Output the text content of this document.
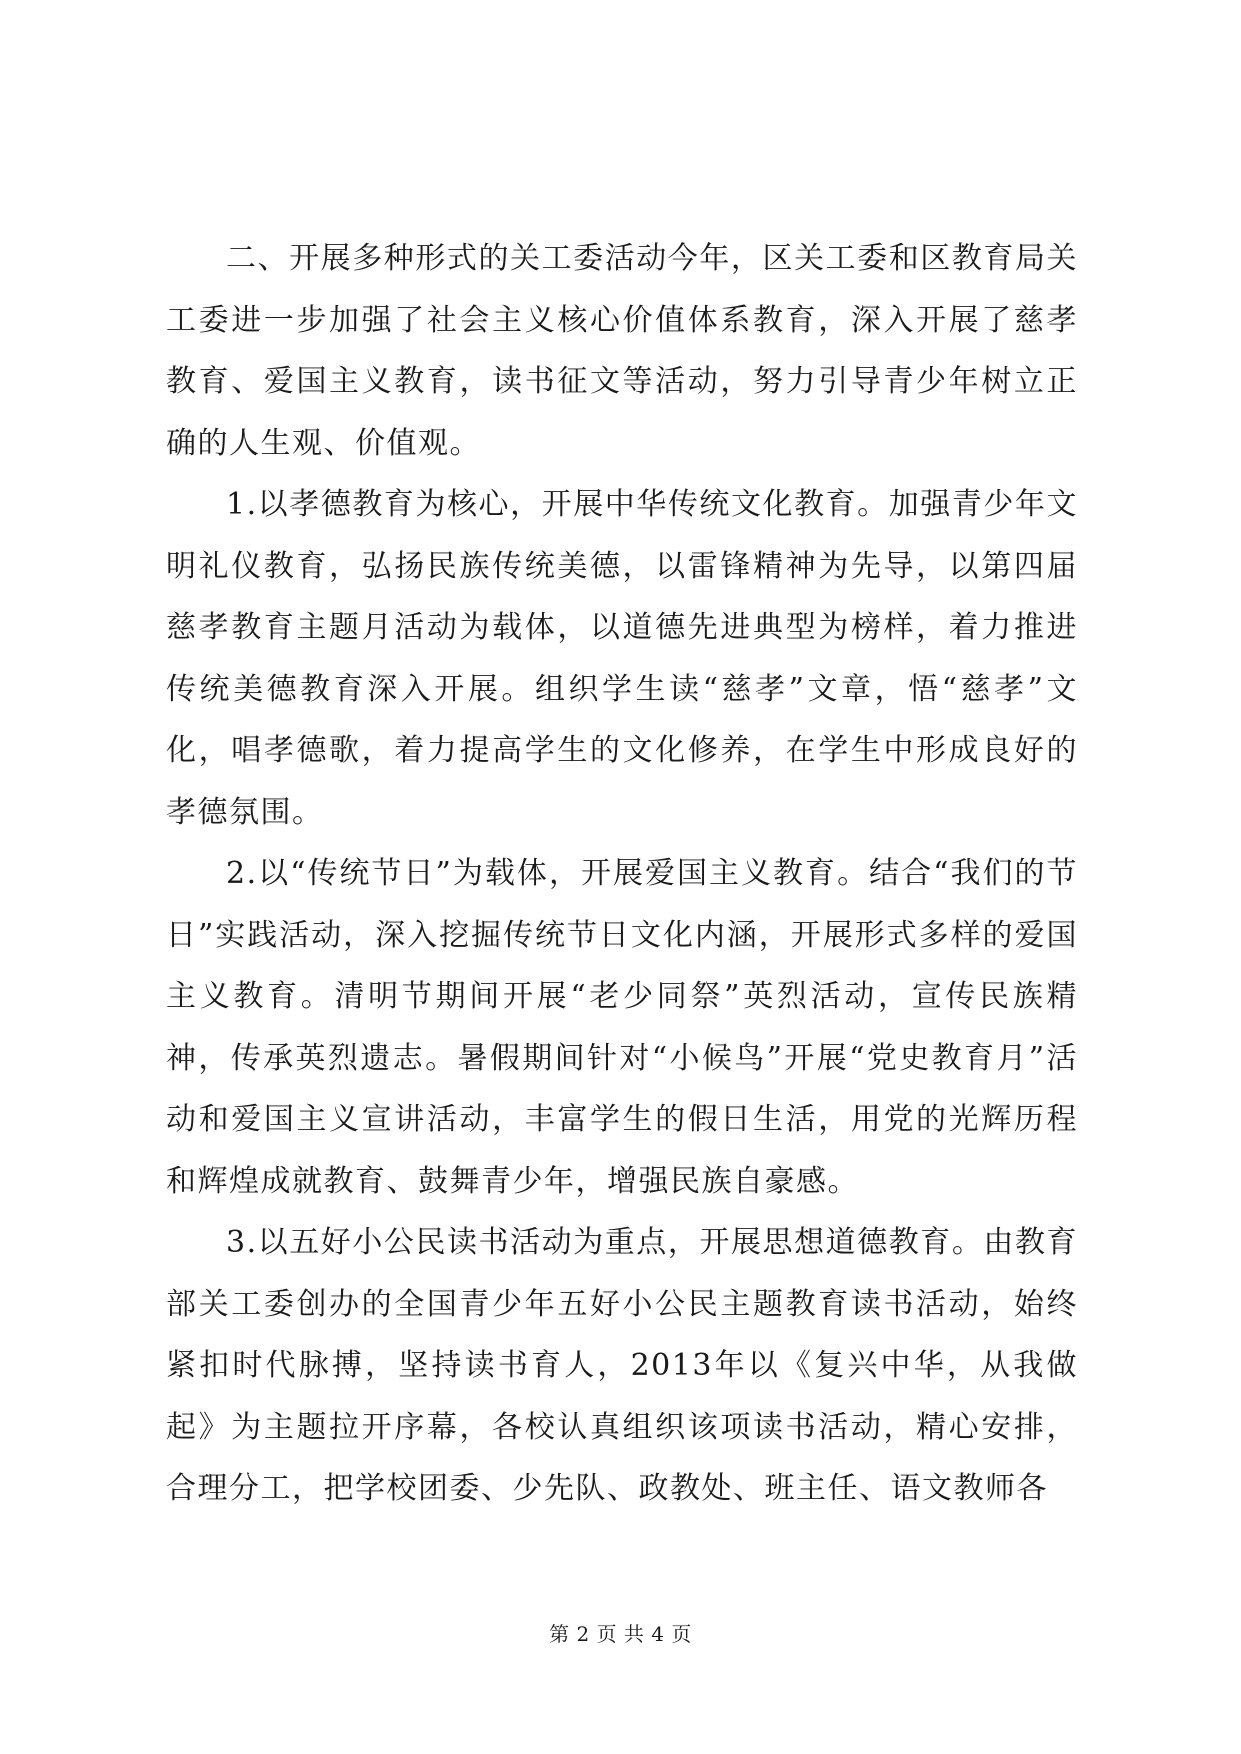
二、开展多种形式的关工委活动今年，区关工委和区教育局关工委进一步加强了社会主义核心价值体系教育，深入开展了慈孝教育、爱国主义教育，读书征文等活动，努力引导青少年树立正确的人生观、价值观。

1.以孝德教育为核心，开展中华传统文化教育。加强青少年文明礼仪教育，弘扬民族传统美德，以雷锋精神为先导，以第四届慈孝教育主题月活动为载体，以道德先进典型为榜样，着力推进传统美德教育深入开展。组织学生读“慈孝”文章，悟“慈孝”文化，唱孝德歌，着力提高学生的文化修养，在学生中形成良好的孝德氛围。

2.以“传统节日”为载体，开展爱国主义教育。结合“我们的节日”实践活动，深入挖掘传统节日文化内涵，开展形式多样的爱国主义教育。清明节期间开展“老少同祭”英烈活动，宣传民族精神，传承英烈遗志。暑假期间针对“小候鸟”开展“党史教育月”活动和爱国主义宣讲活动，丰富学生的假日生活，用党的光辉历程和辉煌成就教育、鼓舞青少年，增强民族自豪感。

3.以五好小公民读书活动为重点，开展思想道德教育。由教育部关工委创办的全国青少年五好小公民主题教育读书活动，始终紧扣时代脉搏，坚持读书育人，2013年以《复兴中华，从我做起》为主题拉开序幕，各校认真组织该项读书活动，精心安排，合理分工，把学校团委、少先队、政教处、班主任、语文教师各

第 2 页 共 4 页
